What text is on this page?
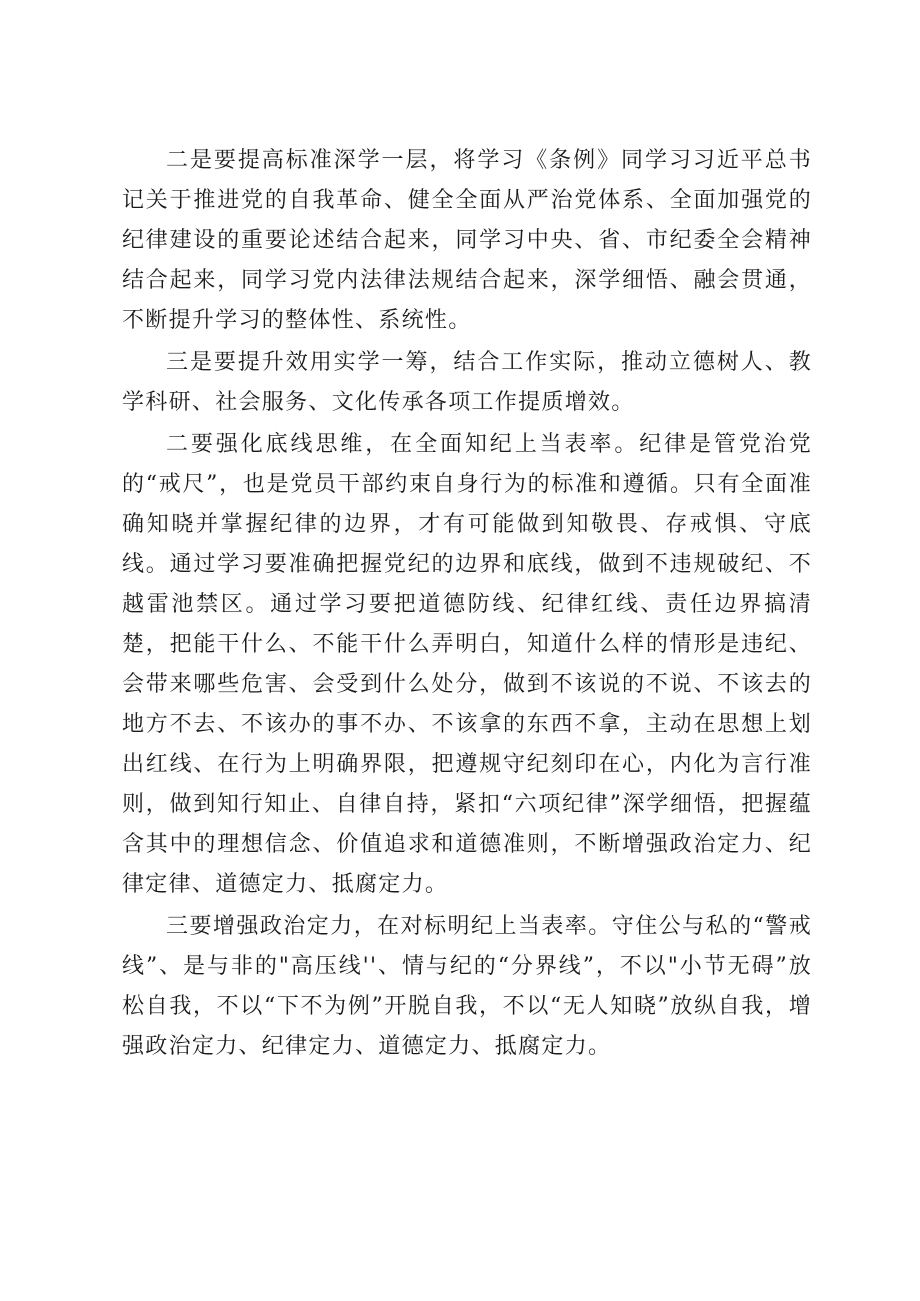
二是要提高标准深学一层，将学习《条例》同学习习近平总书记关于推进党的自我革命、健全全面从严治党体系、全面加强党的纪律建设的重要论述结合起来，同学习中央、省、市纪委全会精神结合起来，同学习党内法律法规结合起来，深学细悟、融会贯通，不断提升学习的整体性、系统性。

三是要提升效用实学一筹，结合工作实际，推动立德树人、教学科研、社会服务、文化传承各项工作提质增效。

二要强化底线思维，在全面知纪上当表率。纪律是管党治党的“戒尺”，也是党员干部约束自身行为的标准和遵循。只有全面准确知晓并掌握纪律的边界，才有可能做到知敬畏、存戒惧、守底线。通过学习要准确把握党纪的边界和底线，做到不违规破纪、不越雷池禁区。通过学习要把道德防线、纪律红线、责任边界搞清楚，把能干什么、不能干什么弄明白，知道什么样的情形是违纪、会带来哪些危害、会受到什么处分，做到不该说的不说、不该去的地方不去、不该办的事不办、不该拿的东西不拿，主动在思想上划出红线、在行为上明确界限，把遵规守纪刻印在心，内化为言行准则，做到知行知止、自律自持，紧扣“六项纪律”深学细悟，把握蕴含其中的理想信念、价值追求和道德准则，不断增强政治定力、纪律定律、道德定力、抵腐定力。

三要增强政治定力，在对标明纪上当表率。守住公与私的“警戒线”、是与非的"高压线''、情与纪的“分界线”，不以"小节无碍”放松自我，不以“下不为例”开脱自我，不以“无人知晓”放纵自我，增强政治定力、纪律定力、道德定力、抵腐定力。
